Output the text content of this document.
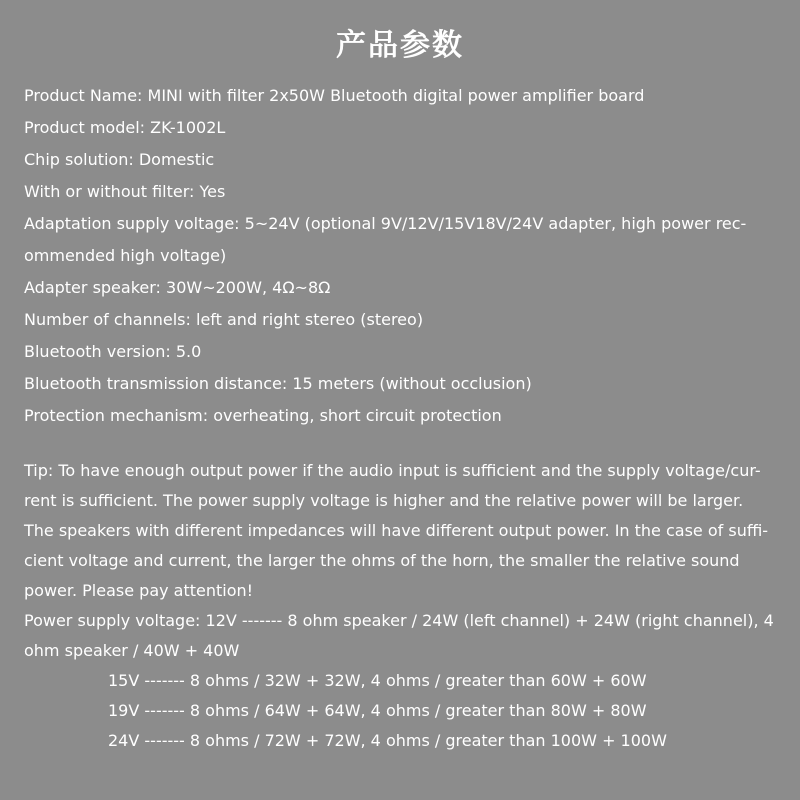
产品参数
Product Name: MINI with filter 2x50W Bluetooth digital power amplifier board
Product model: ZK-1002L
Chip solution: Domestic
With or without filter: Yes
Adaptation supply voltage: 5~24V (optional 9V/12V/15V18V/24V adapter, high power rec-
ommended high voltage)
Adapter speaker: 30W~200W, 4Ω~8Ω
Number of channels: left and right stereo (stereo)
Bluetooth version: 5.0
Bluetooth transmission distance: 15 meters (without occlusion)
Protection mechanism: overheating, short circuit protection
Tip: To have enough output power if the audio input is sufficient and the supply voltage/cur-
rent is sufficient. The power supply voltage is higher and the relative power will be larger.
The speakers with different impedances will have different output power. In the case of suffi-
cient voltage and current, the larger the ohms of the horn, the smaller the relative sound
power. Please pay attention!
Power supply voltage: 12V ------- 8 ohm speaker / 24W (left channel) + 24W (right channel), 4
ohm speaker / 40W + 40W
15V ------- 8 ohms / 32W + 32W, 4 ohms / greater than 60W + 60W
19V ------- 8 ohms / 64W + 64W, 4 ohms / greater than 80W + 80W
24V ------- 8 ohms / 72W + 72W, 4 ohms / greater than 100W + 100W
